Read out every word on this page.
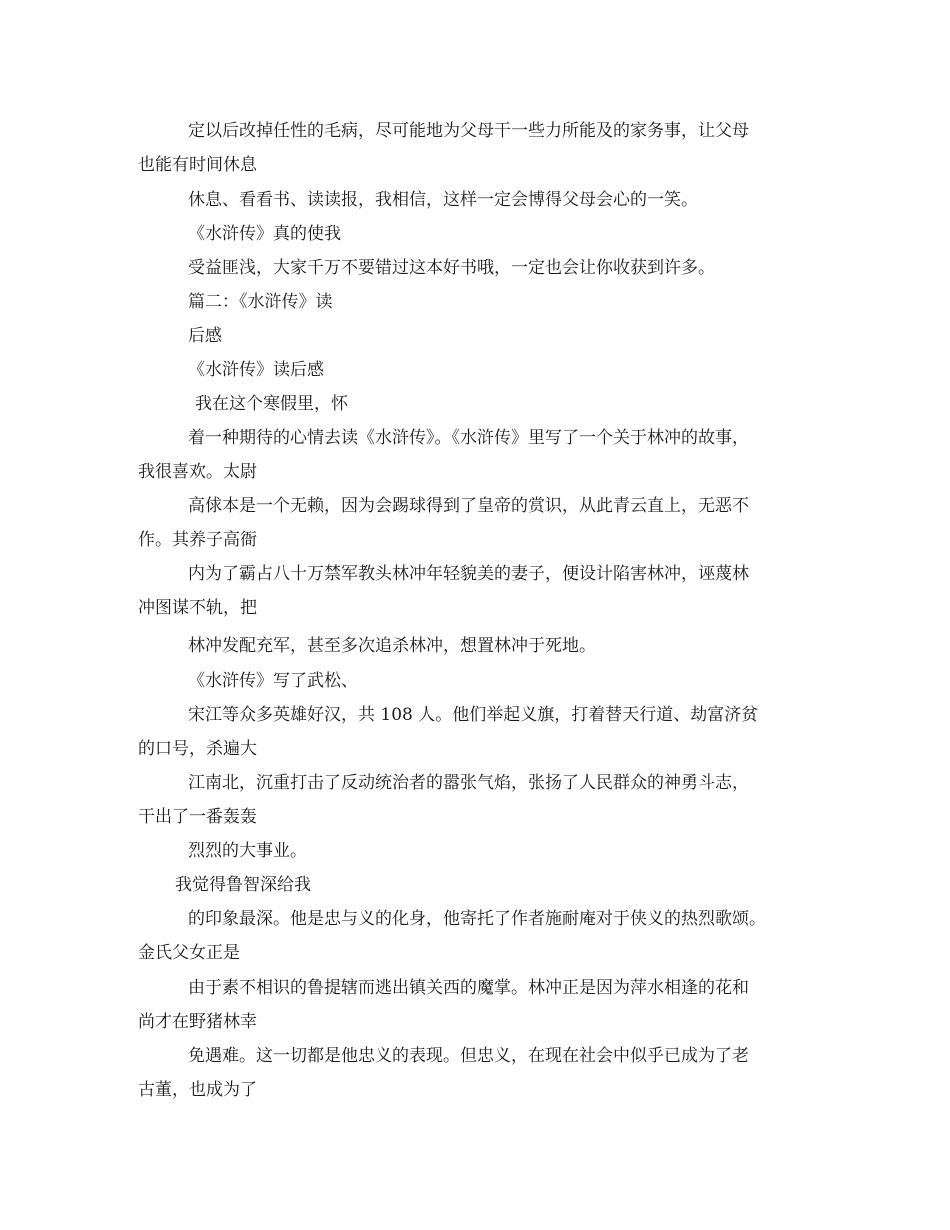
定以后改掉任性的毛病，尽可能地为父母干一些力所能及的家务事，让父母
也能有时间休息
休息、看看书、读读报，我相信，这样一定会博得父母会心的一笑。
《水浒传》真的使我
受益匪浅，大家千万不要错过这本好书哦，一定也会让你收获到许多。
篇二：《水浒传》读
后感
《水浒传》读后感
我在这个寒假里，怀
着一种期待的心情去读《水浒传》。《水浒传》里写了一个关于林冲的故事，
我很喜欢。太尉
高俅本是一个无赖，因为会踢球得到了皇帝的赏识，从此青云直上，无恶不
作。其养子高衙
内为了霸占八十万禁军教头林冲年轻貌美的妻子，便设计陷害林冲，诬蔑林
冲图谋不轨，把
林冲发配充军，甚至多次追杀林冲，想置林冲于死地。
《水浒传》写了武松、
宋江等众多英雄好汉，共 108 人。他们举起义旗，打着替天行道、劫富济贫
的口号，杀遍大
江南北，沉重打击了反动统治者的嚣张气焰，张扬了人民群众的神勇斗志，
干出了一番轰轰
烈烈的大事业。
我觉得鲁智深给我
的印象最深。他是忠与义的化身，他寄托了作者施耐庵对于侠义的热烈歌颂。
金氏父女正是
由于素不相识的鲁提辖而逃出镇关西的魔掌。林冲正是因为萍水相逢的花和
尚才在野猪林幸
免遇难。这一切都是他忠义的表现。但忠义，在现在社会中似乎已成为了老
古董，也成为了
